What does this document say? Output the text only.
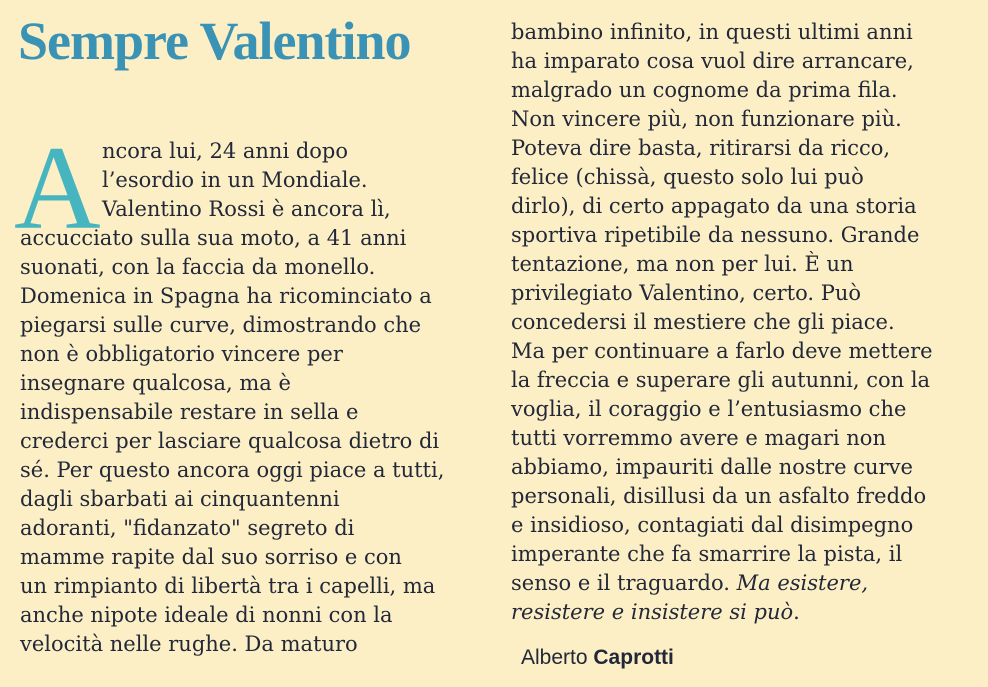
Sempre Valentino
A ncora lui, 24 anni dopo
l’esordio in un Mondiale.
Valentino Rossi è ancora lì,
accucciato sulla sua moto, a 41 anni
suonati, con la faccia da monello.
Domenica in Spagna ha ricominciato a
piegarsi sulle curve, dimostrando che
non è obbligatorio vincere per
insegnare qualcosa, ma è
indispensabile restare in sella e
crederci per lasciare qualcosa dietro di
sé. Per questo ancora oggi piace a tutti,
dagli sbarbati ai cinquantenni
adoranti, "fidanzato" segreto di
mamme rapite dal suo sorriso e con
un rimpianto di libertà tra i capelli, ma
anche nipote ideale di nonni con la
velocità nelle rughe. Da maturo
bambino infinito, in questi ultimi anni
ha imparato cosa vuol dire arrancare,
malgrado un cognome da prima fila.
Non vincere più, non funzionare più.
Poteva dire basta, ritirarsi da ricco,
felice (chissà, questo solo lui può
dirlo), di certo appagato da una storia
sportiva ripetibile da nessuno. Grande
tentazione, ma non per lui. È un
privilegiato Valentino, certo. Può
concedersi il mestiere che gli piace.
Ma per continuare a farlo deve mettere
la freccia e superare gli autunni, con la
voglia, il coraggio e l’entusiasmo che
tutti vorremmo avere e magari non
abbiamo, impauriti dalle nostre curve
personali, disillusi da un asfalto freddo
e insidioso, contagiati dal disimpegno
imperante che fa smarrire la pista, il
senso e il traguardo. Ma esistere,
resistere e insistere si può.
Alberto Caprotti
